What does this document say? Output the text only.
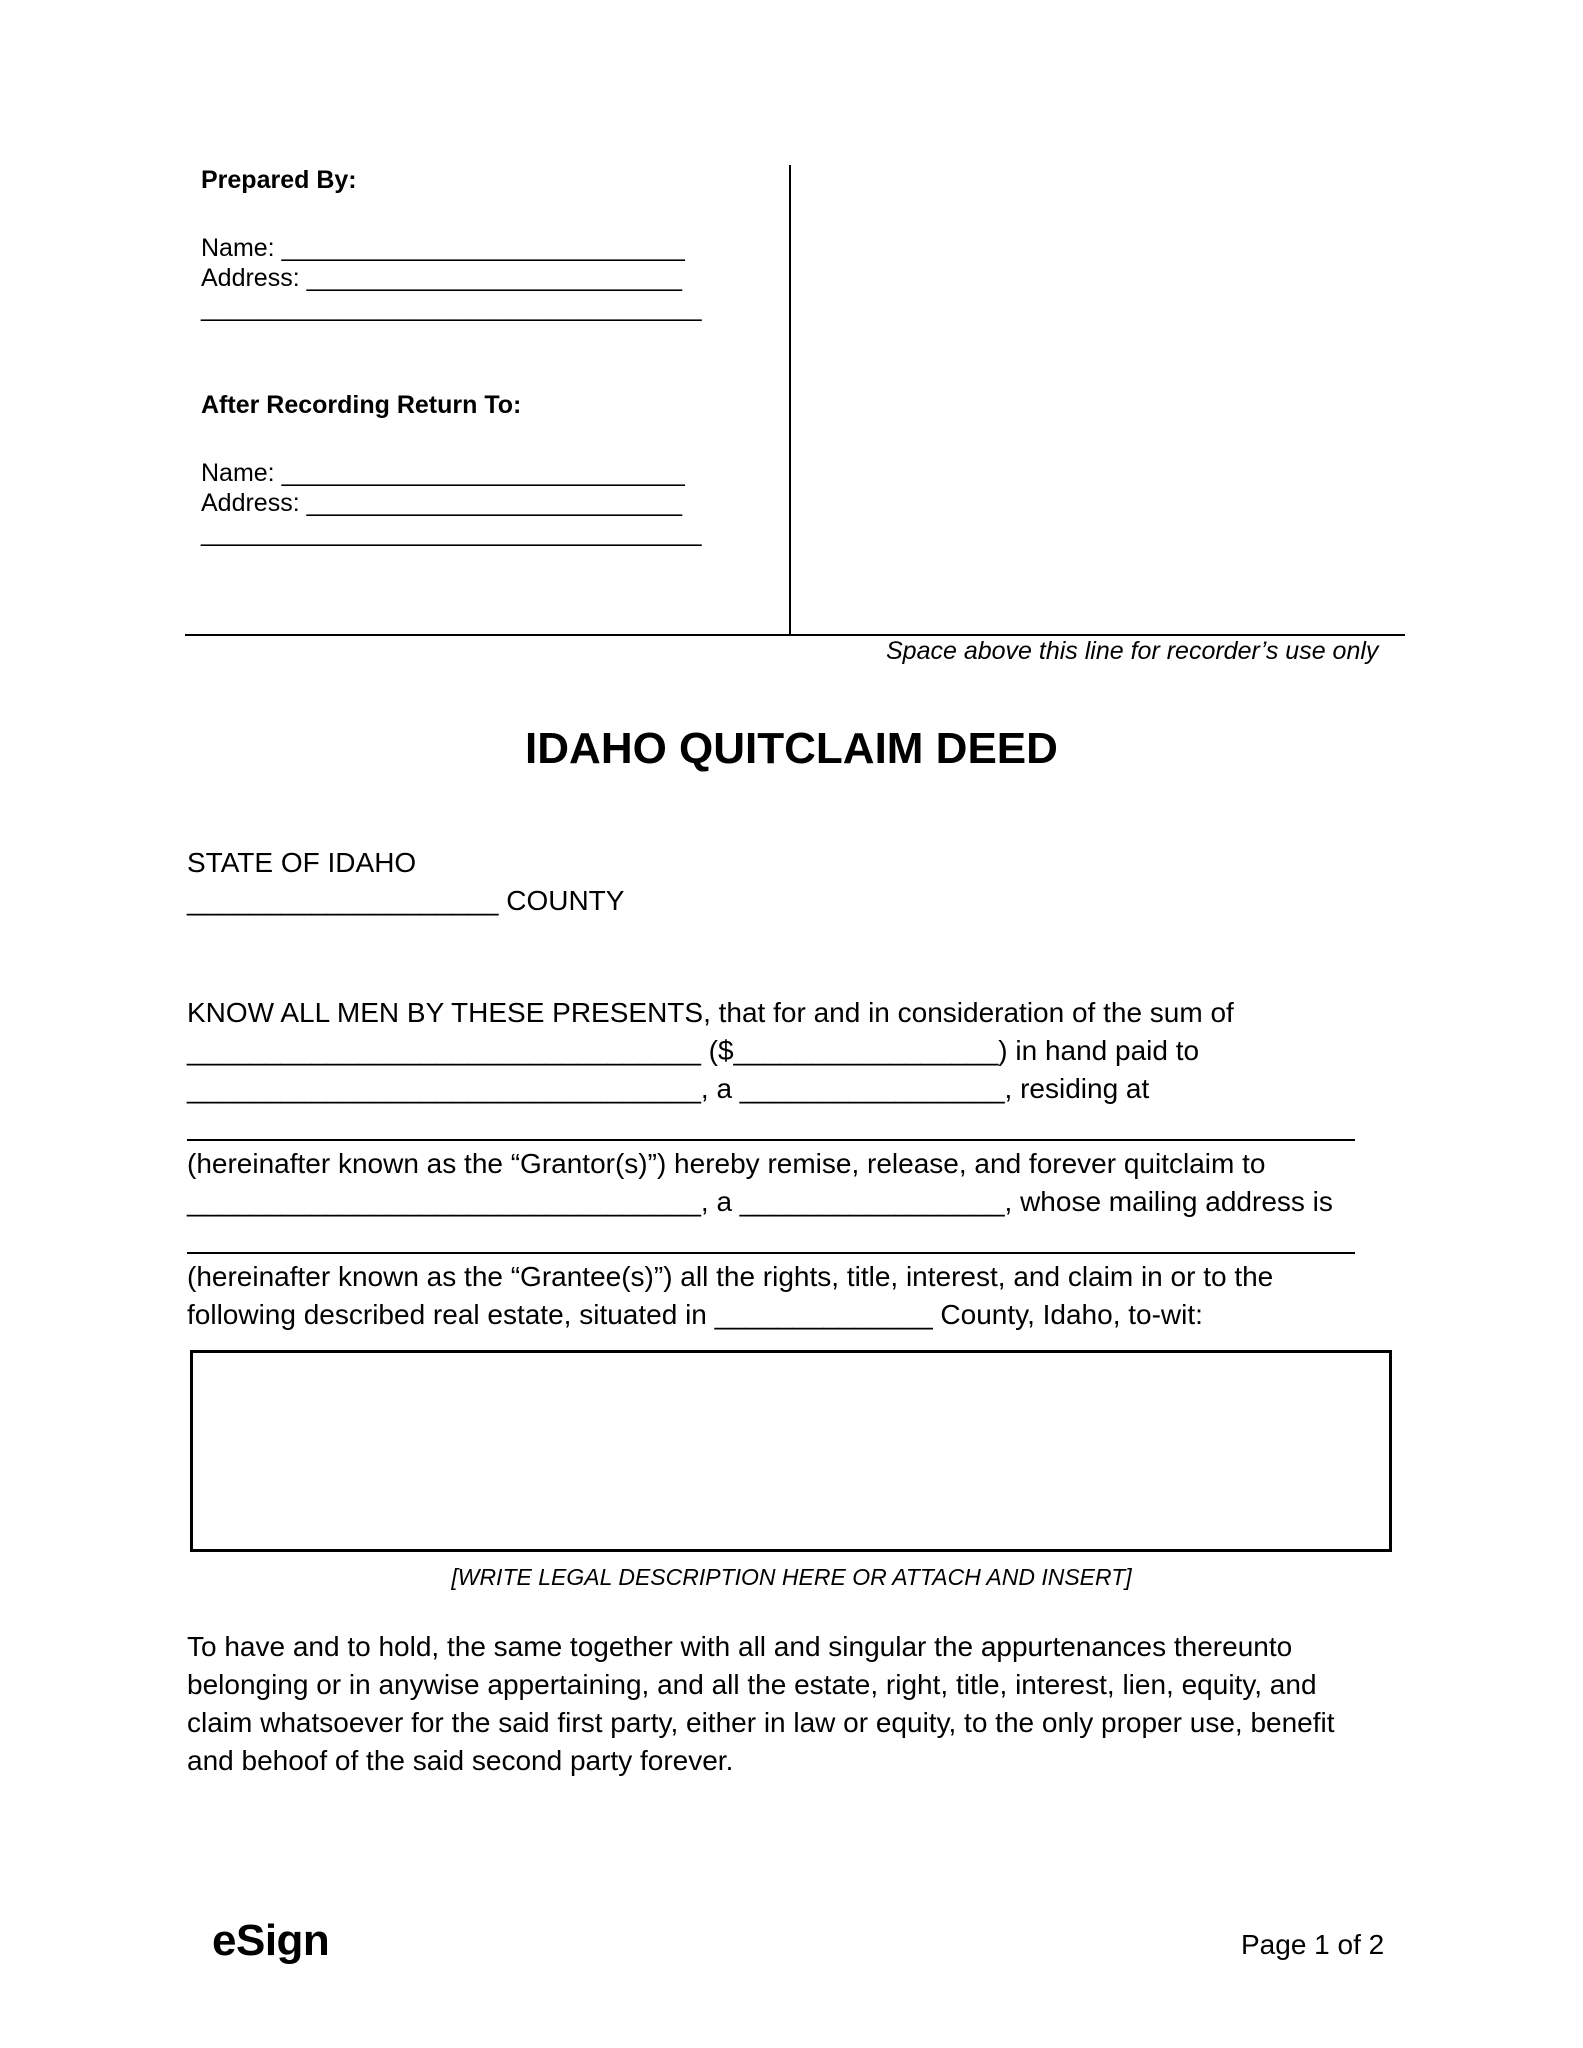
Prepared By:
Name: _____________________________
Address: ___________________________
____________________________________
After Recording Return To:
Name: _____________________________
Address: ___________________________
____________________________________
Space above this line for recorder’s use only
IDAHO QUITCLAIM DEED
STATE OF IDAHO
____________________ COUNTY
KNOW ALL MEN BY THESE PRESENTS, that for and in consideration of the sum of
_________________________________ ($_________________) in hand paid to
_________________________________, a _________________, residing at
(hereinafter known as the “Grantor(s)”) hereby remise, release, and forever quitclaim to
_________________________________, a _________________, whose mailing address is
(hereinafter known as the “Grantee(s)”) all the rights, title, interest, and claim in or to the
following described real estate, situated in ______________ County, Idaho, to-wit:
[WRITE LEGAL DESCRIPTION HERE OR ATTACH AND INSERT]
To have and to hold, the same together with all and singular the appurtenances thereunto
belonging or in anywise appertaining, and all the estate, right, title, interest, lien, equity, and
claim whatsoever for the said first party, either in law or equity, to the only proper use, benefit
and behoof of the said second party forever.
eSign	Page 1 of 2
